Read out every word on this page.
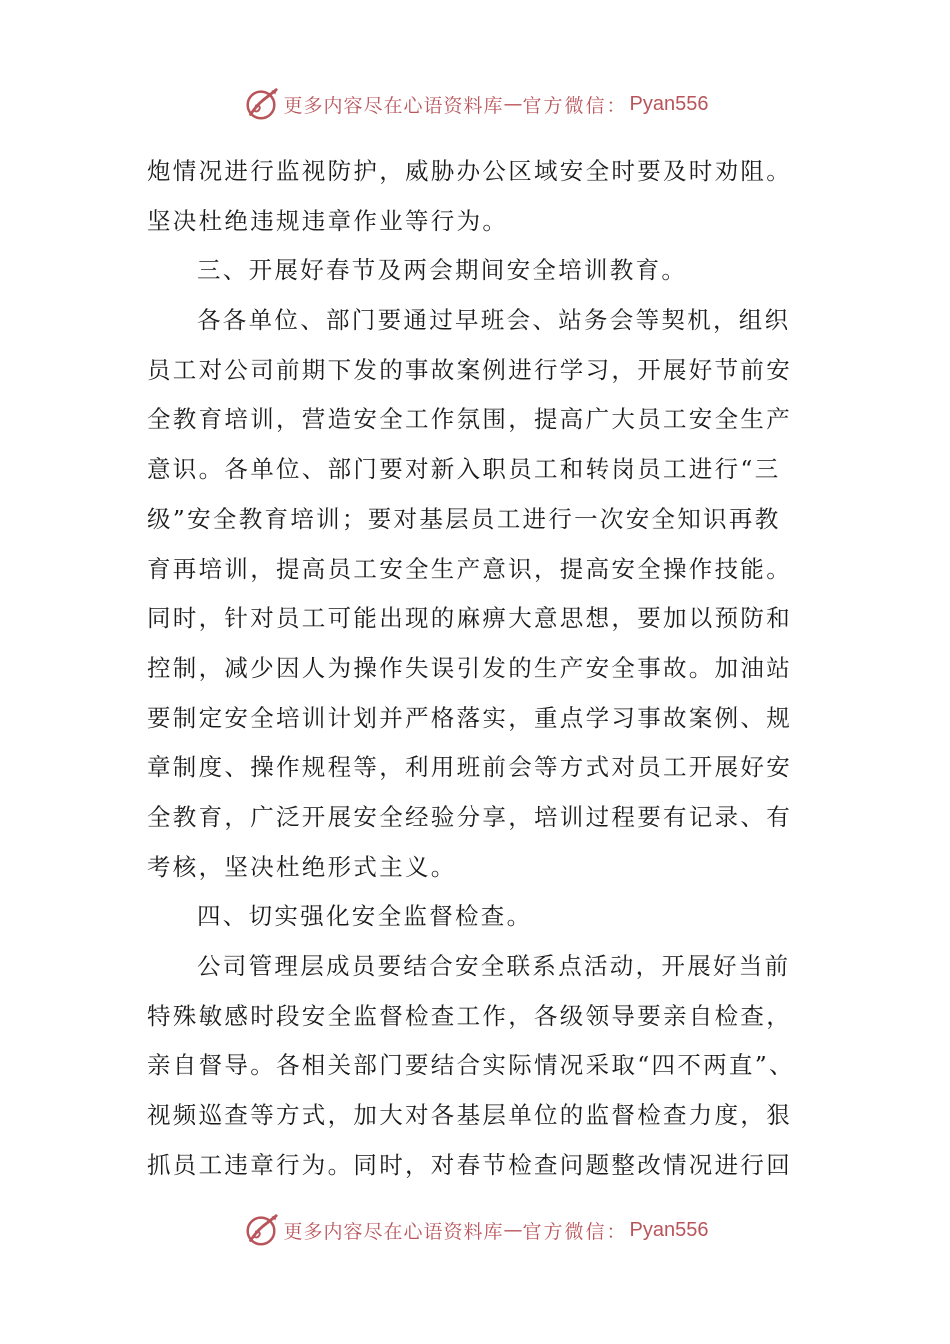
更多内容尽在心语资料库 — 官方微信： Pyan556
炮情况进行监视防护，威胁办公区域安全时要及时劝阻。
坚决杜绝违规违章作业等行为。
三、开展好春节及两会期间安全培训教育。
各各单位、部门要通过早班会、站务会等契机，组织
员工对公司前期下发的事故案例进行学习，开展好节前安
全教育培训，营造安全工作氛围，提高广大员工安全生产
意识。各单位、部门要对新入职员工和转岗员工进行“三
级”安全教育培训；要对基层员工进行一次安全知识再教
育再培训，提高员工安全生产意识，提高安全操作技能。
同时，针对员工可能出现的麻痹大意思想，要加以预防和
控制，减少因人为操作失误引发的生产安全事故。加油站
要制定安全培训计划并严格落实，重点学习事故案例、规
章制度、操作规程等，利用班前会等方式对员工开展好安
全教育，广泛开展安全经验分享，培训过程要有记录、有
考核，坚决杜绝形式主义。
四、切实强化安全监督检查。
公司管理层成员要结合安全联系点活动，开展好当前
特殊敏感时段安全监督检查工作，各级领导要亲自检查，
亲自督导。各相关部门要结合实际情况采取“四不两直”、
视频巡查等方式，加大对各基层单位的监督检查力度，狠
抓员工违章行为。同时，对春节检查问题整改情况进行回
更多内容尽在心语资料库 — 官方微信： Pyan556
